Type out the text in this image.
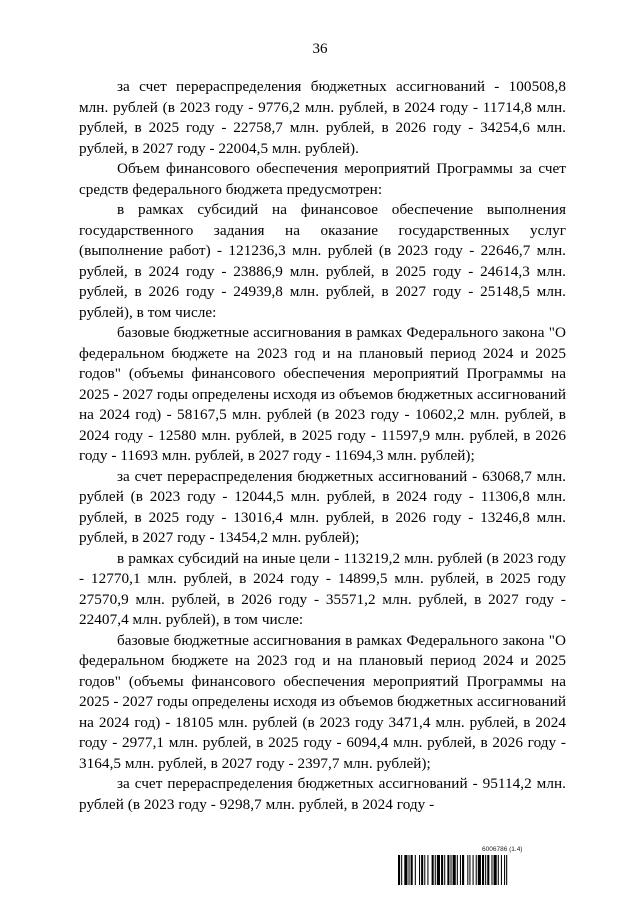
36

за счет перераспределения бюджетных ассигнований - 100508,8 млн. рублей (в 2023 году - 9776,2 млн. рублей, в 2024 году - 11714,8 млн. рублей, в 2025 году - 22758,7 млн. рублей, в 2026 году - 34254,6 млн. рублей, в 2027 году - 22004,5 млн. рублей).

Объем финансового обеспечения мероприятий Программы за счет средств федерального бюджета предусмотрен:

в рамках субсидий на финансовое обеспечение выполнения государственного задания на оказание государственных услуг (выполнение работ) - 121236,3 млн. рублей (в 2023 году - 22646,7 млн. рублей, в 2024 году - 23886,9 млн. рублей, в 2025 году - 24614,3 млн. рублей, в 2026 году - 24939,8 млн. рублей, в 2027 году - 25148,5 млн. рублей), в том числе:

базовые бюджетные ассигнования в рамках Федерального закона "О федеральном бюджете на 2023 год и на плановый период 2024 и 2025 годов" (объемы финансового обеспечения мероприятий Программы на 2025 - 2027 годы определены исходя из объемов бюджетных ассигнований на 2024 год) - 58167,5 млн. рублей (в 2023 году - 10602,2 млн. рублей, в 2024 году - 12580 млн. рублей, в 2025 году - 11597,9 млн. рублей, в 2026 году - 11693 млн. рублей, в 2027 году - 11694,3 млн. рублей);

за счет перераспределения бюджетных ассигнований - 63068,7 млн. рублей (в 2023 году - 12044,5 млн. рублей, в 2024 году - 11306,8 млн. рублей, в 2025 году - 13016,4 млн. рублей, в 2026 году - 13246,8 млн. рублей, в 2027 году - 13454,2 млн. рублей);

в рамках субсидий на иные цели - 113219,2 млн. рублей (в 2023 году - 12770,1 млн. рублей, в 2024 году - 14899,5 млн. рублей, в 2025 году 27570,9 млн. рублей, в 2026 году - 35571,2 млн. рублей, в 2027 году - 22407,4 млн. рублей), в том числе:

базовые бюджетные ассигнования в рамках Федерального закона "О федеральном бюджете на 2023 год и на плановый период 2024 и 2025 годов" (объемы финансового обеспечения мероприятий Программы на 2025 - 2027 годы определены исходя из объемов бюджетных ассигнований на 2024 год) - 18105 млн. рублей (в 2023 году 3471,4 млн. рублей, в 2024 году - 2977,1 млн. рублей, в 2025 году - 6094,4 млн. рублей, в 2026 году - 3164,5 млн. рублей, в 2027 году - 2397,7 млн. рублей);

за счет перераспределения бюджетных ассигнований - 95114,2 млн. рублей (в 2023 году - 9298,7 млн. рублей, в 2024 году -

6006786 (1.4)
